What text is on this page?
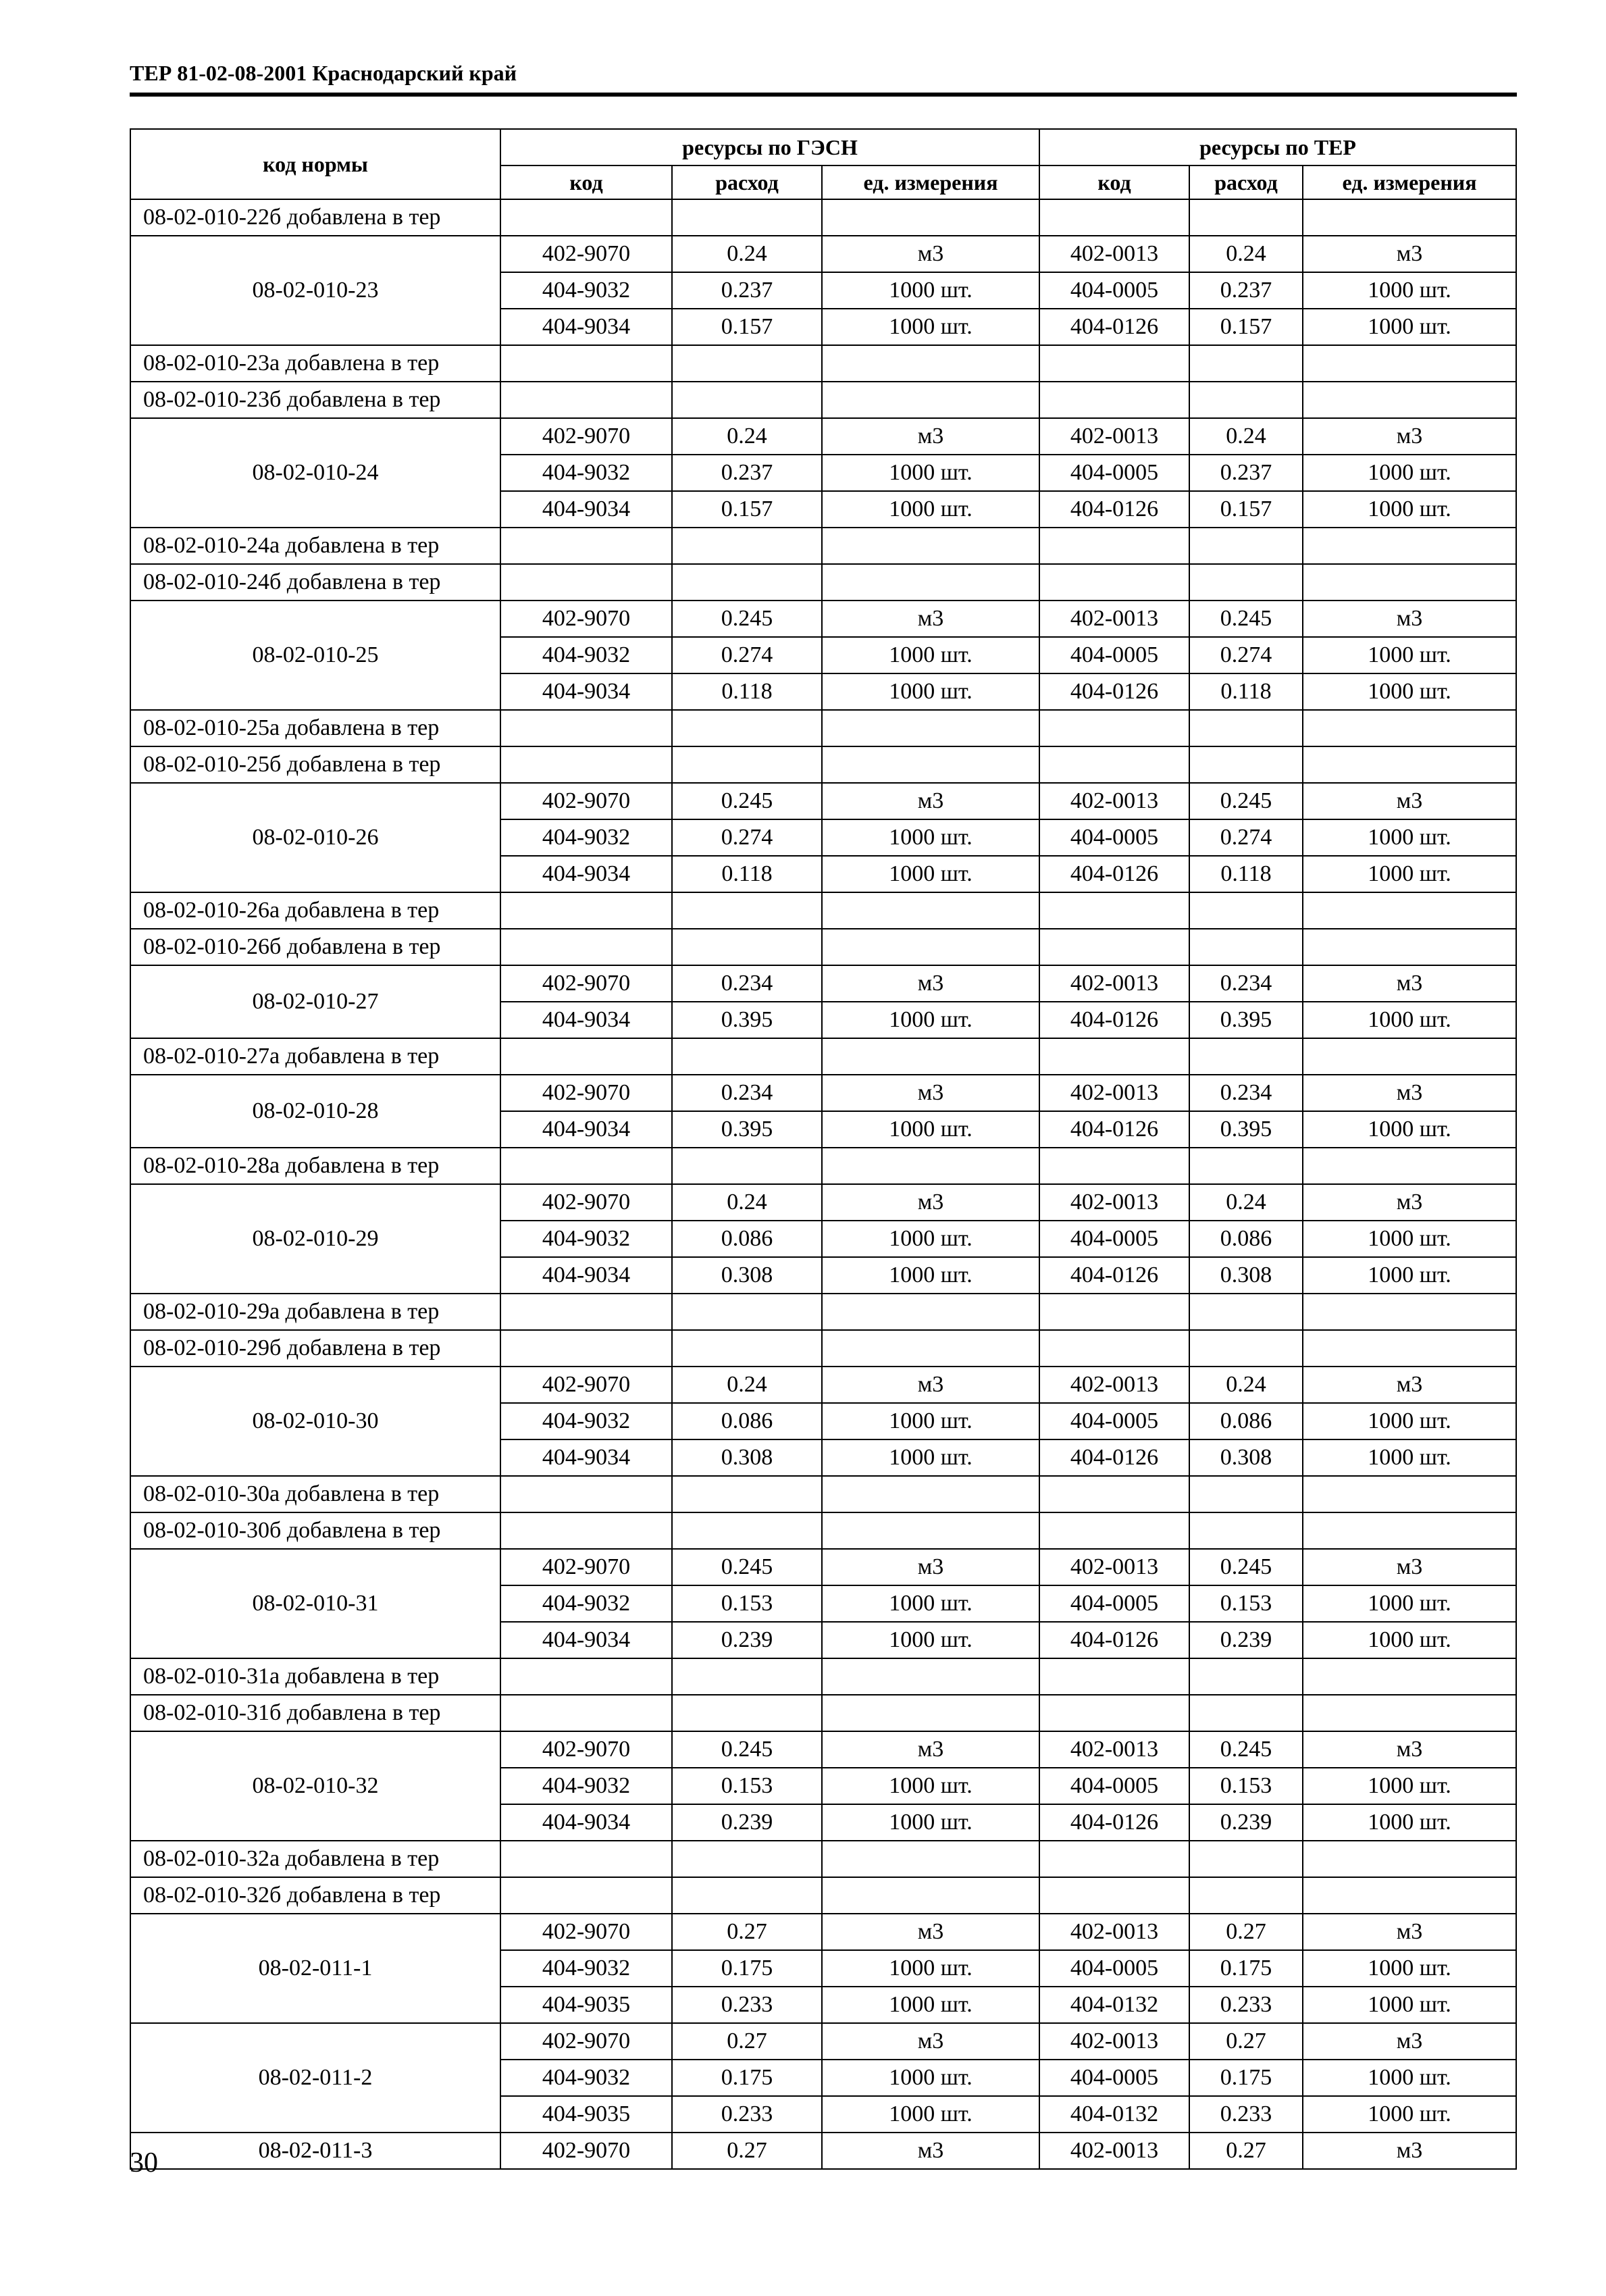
ТЕР 81-02-08-2001 Краснодарский край
код нормы	ресурсы по ГЭСН			ресурсы по ТЕР		
	код	расход	ед. измерения	код	расход	ед. измерения
08-02-010-22б добавлена в тер						
08-02-010-23	402-9070	0.24	м3	402-0013	0.24	м3
	404-9032	0.237	1000 шт.	404-0005	0.237	1000 шт.
	404-9034	0.157	1000 шт.	404-0126	0.157	1000 шт.
08-02-010-23а добавлена в тер						
08-02-010-23б добавлена в тер						
08-02-010-24	402-9070	0.24	м3	402-0013	0.24	м3
	404-9032	0.237	1000 шт.	404-0005	0.237	1000 шт.
	404-9034	0.157	1000 шт.	404-0126	0.157	1000 шт.
08-02-010-24а добавлена в тер						
08-02-010-24б добавлена в тер						
08-02-010-25	402-9070	0.245	м3	402-0013	0.245	м3
	404-9032	0.274	1000 шт.	404-0005	0.274	1000 шт.
	404-9034	0.118	1000 шт.	404-0126	0.118	1000 шт.
08-02-010-25а добавлена в тер						
08-02-010-25б добавлена в тер						
08-02-010-26	402-9070	0.245	м3	402-0013	0.245	м3
	404-9032	0.274	1000 шт.	404-0005	0.274	1000 шт.
	404-9034	0.118	1000 шт.	404-0126	0.118	1000 шт.
08-02-010-26а добавлена в тер						
08-02-010-26б добавлена в тер						
08-02-010-27	402-9070	0.234	м3	402-0013	0.234	м3
	404-9034	0.395	1000 шт.	404-0126	0.395	1000 шт.
08-02-010-27а добавлена в тер						
08-02-010-28	402-9070	0.234	м3	402-0013	0.234	м3
	404-9034	0.395	1000 шт.	404-0126	0.395	1000 шт.
08-02-010-28а добавлена в тер						
08-02-010-29	402-9070	0.24	м3	402-0013	0.24	м3
	404-9032	0.086	1000 шт.	404-0005	0.086	1000 шт.
	404-9034	0.308	1000 шт.	404-0126	0.308	1000 шт.
08-02-010-29а добавлена в тер						
08-02-010-29б добавлена в тер						
08-02-010-30	402-9070	0.24	м3	402-0013	0.24	м3
	404-9032	0.086	1000 шт.	404-0005	0.086	1000 шт.
	404-9034	0.308	1000 шт.	404-0126	0.308	1000 шт.
08-02-010-30а добавлена в тер						
08-02-010-30б добавлена в тер						
08-02-010-31	402-9070	0.245	м3	402-0013	0.245	м3
	404-9032	0.153	1000 шт.	404-0005	0.153	1000 шт.
	404-9034	0.239	1000 шт.	404-0126	0.239	1000 шт.
08-02-010-31а добавлена в тер						
08-02-010-31б добавлена в тер						
08-02-010-32	402-9070	0.245	м3	402-0013	0.245	м3
	404-9032	0.153	1000 шт.	404-0005	0.153	1000 шт.
	404-9034	0.239	1000 шт.	404-0126	0.239	1000 шт.
08-02-010-32а добавлена в тер						
08-02-010-32б добавлена в тер						
08-02-011-1	402-9070	0.27	м3	402-0013	0.27	м3
	404-9032	0.175	1000 шт.	404-0005	0.175	1000 шт.
	404-9035	0.233	1000 шт.	404-0132	0.233	1000 шт.
08-02-011-2	402-9070	0.27	м3	402-0013	0.27	м3
	404-9032	0.175	1000 шт.	404-0005	0.175	1000 шт.
	404-9035	0.233	1000 шт.	404-0132	0.233	1000 шт.
08-02-011-3	402-9070	0.27	м3	402-0013	0.27	м3
30
